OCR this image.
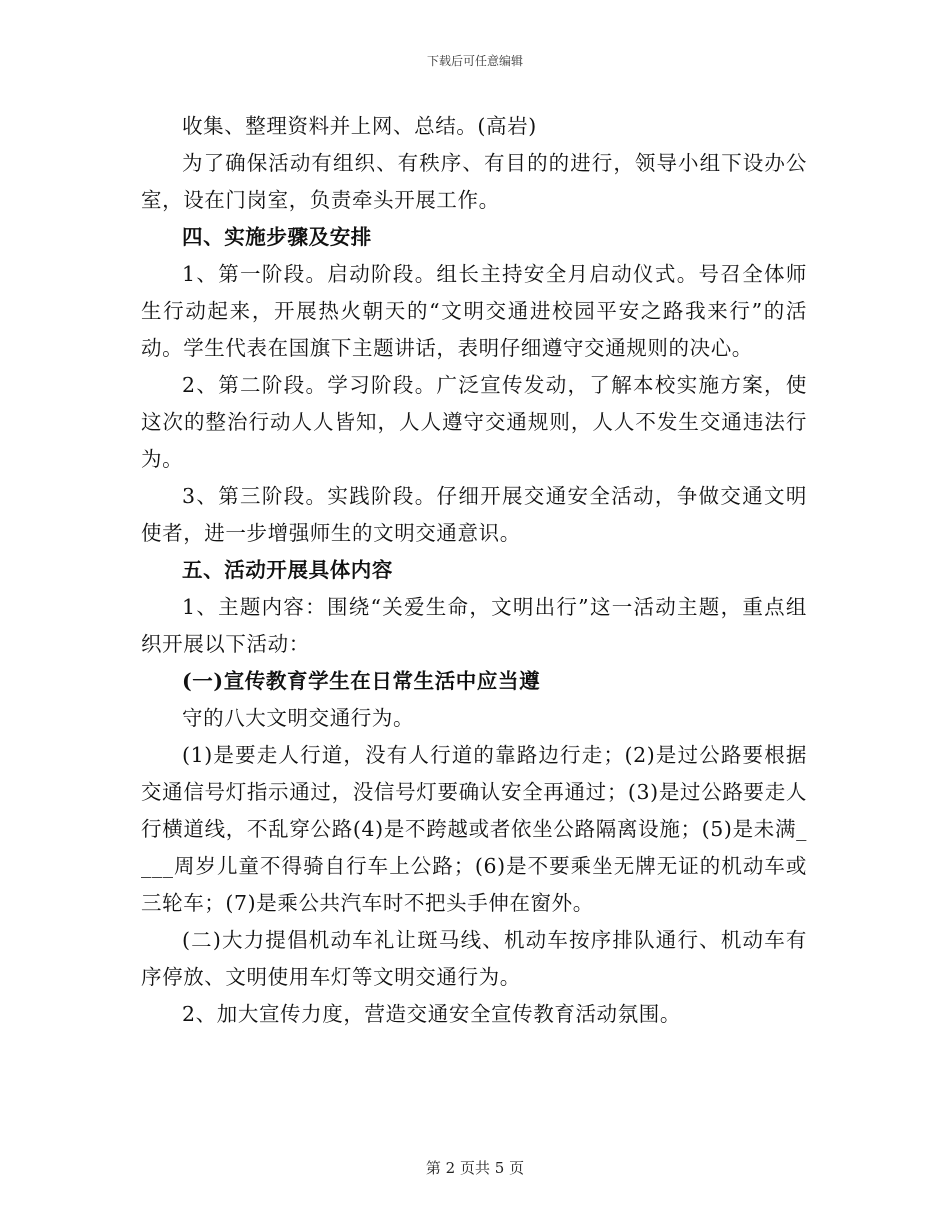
下载后可任意编辑

收集、整理资料并上网、总结。(高岩)

为了确保活动有组织、有秩序、有目的的进行，领导小组下设办公室，设在门岗室，负责牵头开展工作。

四、实施步骤及安排

1、第一阶段。启动阶段。组长主持安全月启动仪式。号召全体师生行动起来，开展热火朝天的“文明交通进校园平安之路我来行”的活动。学生代表在国旗下主题讲话，表明仔细遵守交通规则的决心。

2、第二阶段。学习阶段。广泛宣传发动，了解本校实施方案，使这次的整治行动人人皆知，人人遵守交通规则，人人不发生交通违法行为。

3、第三阶段。实践阶段。仔细开展交通安全活动，争做交通文明使者，进一步增强师生的文明交通意识。

五、活动开展具体内容

1、主题内容：围绕“关爱生命，文明出行”这一活动主题，重点组织开展以下活动：

(一)宣传教育学生在日常生活中应当遵

守的八大文明交通行为。

(1)是要走人行道，没有人行道的靠路边行走；(2)是过公路要根据交通信号灯指示通过，没信号灯要确认安全再通过；(3)是过公路要走人行横道线，不乱穿公路(4)是不跨越或者依坐公路隔离设施；(5)是未满____周岁儿童不得骑自行车上公路；(6)是不要乘坐无牌无证的机动车或三轮车；(7)是乘公共汽车时不把头手伸在窗外。

(二)大力提倡机动车礼让斑马线、机动车按序排队通行、机动车有序停放、文明使用车灯等文明交通行为。

2、加大宣传力度，营造交通安全宣传教育活动氛围。

第 2 页共 5 页
